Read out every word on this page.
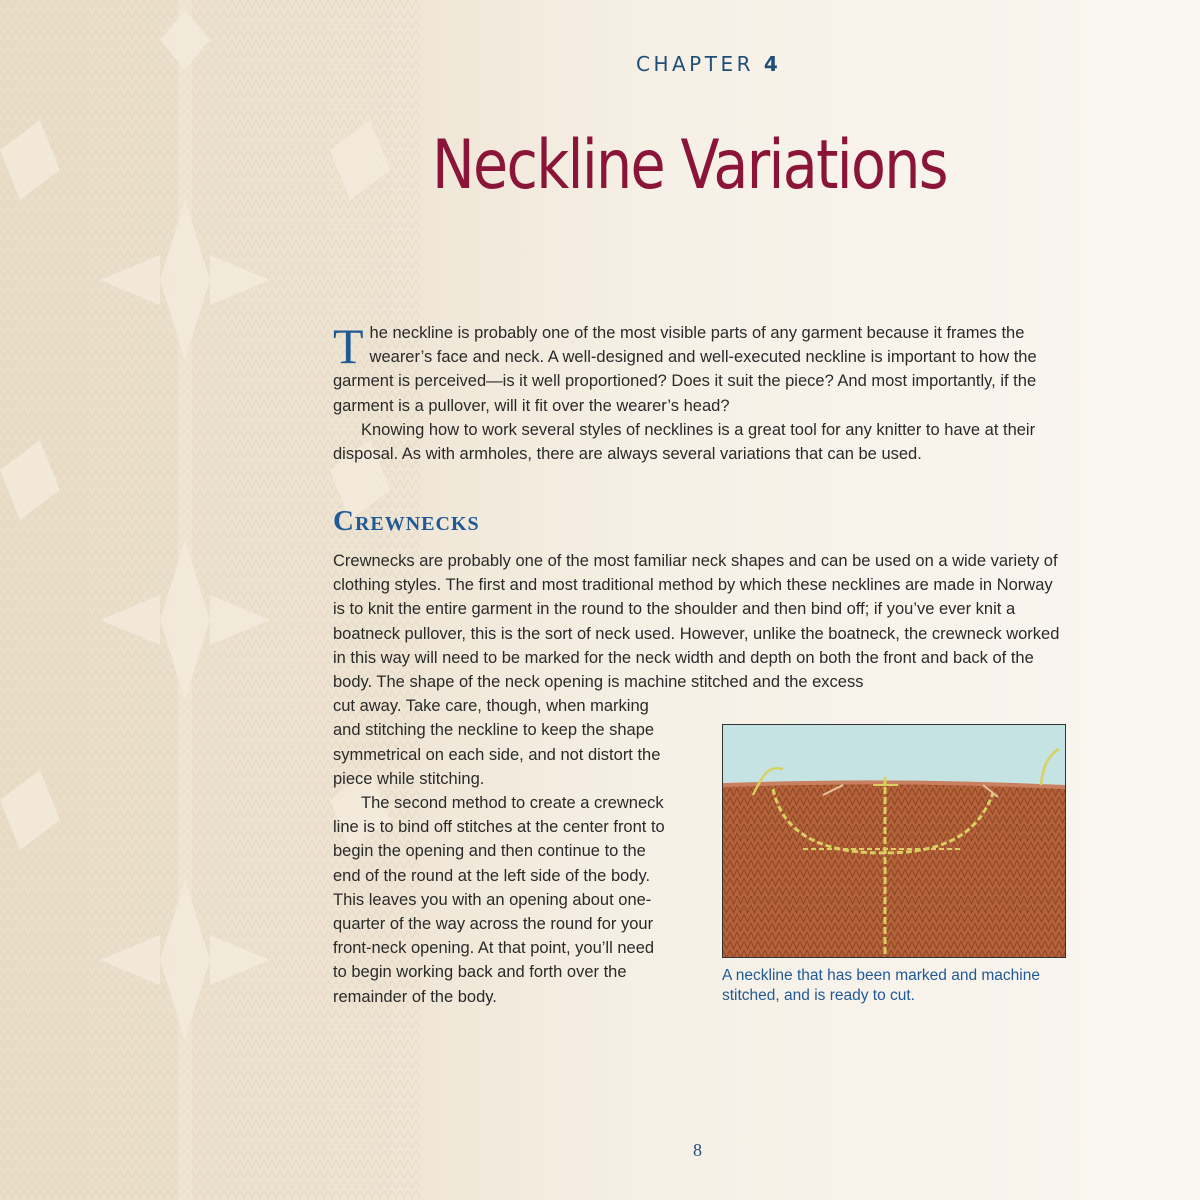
CHAPTER 4
Neckline Variations

The neckline is probably one of the most visible parts of any garment because it frames the wearer’s face and neck. A well-designed and well-executed neckline is important to how the garment is perceived—is it well proportioned? Does it suit the piece? And most importantly, if the garment is a pullover, will it fit over the wearer’s head?

Knowing how to work several styles of necklines is a great tool for any knitter to have at their disposal. As with armholes, there are always several variations that can be used.

Crewnecks

Crewnecks are probably one of the most familiar neck shapes and can be used on a wide variety of clothing styles. The first and most traditional method by which these necklines are made in Norway is to knit the entire garment in the round to the shoulder and then bind off; if you’ve ever knit a boatneck pullover, this is the sort of neck used. However, unlike the boatneck, the crewneck worked in this way will need to be marked for the neck width and depth on both the front and back of the body. The shape of the neck opening is machine stitched and the excess

cut away. Take care, though, when marking and stitching the neckline to keep the shape symmetrical on each side, and not distort the piece while stitching.

The second method to create a crewneck line is to bind off stitches at the center front to begin the opening and then continue to the end of the round at the left side of the body. This leaves you with an opening about one-quarter of the way across the round for your front-neck opening. At that point, you’ll need to begin working back and forth over the remainder of the body.

A neckline that has been marked and machine stitched, and is ready to cut.
8
